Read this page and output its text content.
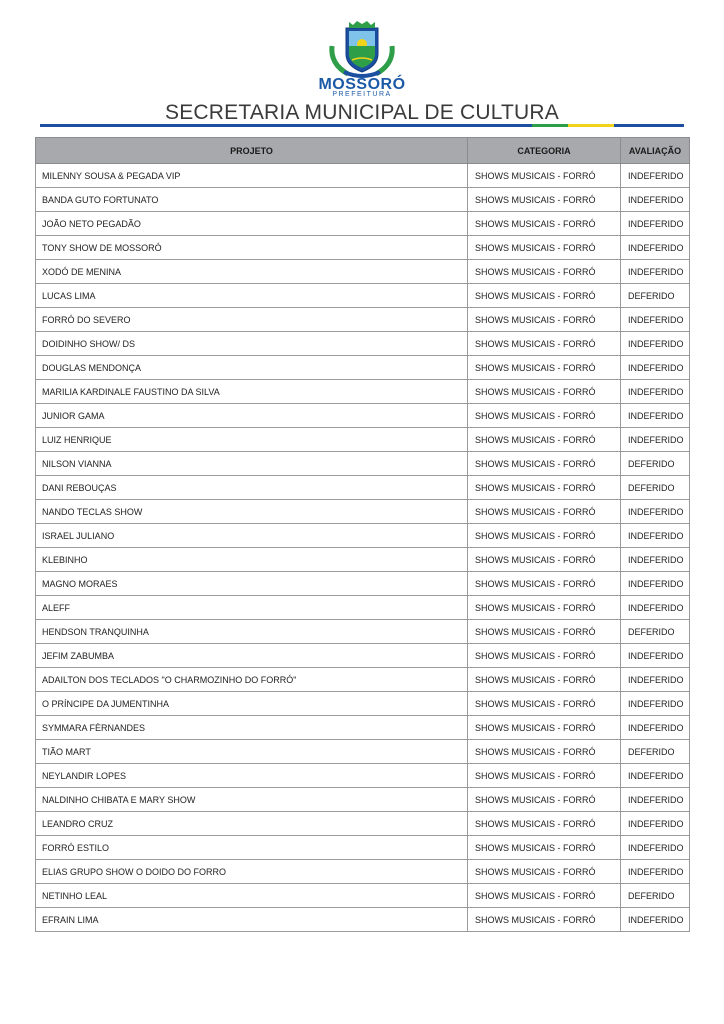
MOSSORÓ
PREFEITURA
SECRETARIA MUNICIPAL DE CULTURA
PROJETO	CATEGORIA	AVALIAÇÃO
MILENNY SOUSA & PEGADA VIP	SHOWS MUSICAIS - FORRÓ	INDEFERIDO
BANDA GUTO FORTUNATO	SHOWS MUSICAIS - FORRÓ	INDEFERIDO
JOÃO NETO PEGADÃO	SHOWS MUSICAIS - FORRÓ	INDEFERIDO
TONY SHOW DE MOSSORÓ	SHOWS MUSICAIS - FORRÓ	INDEFERIDO
XODÓ DE MENINA	SHOWS MUSICAIS - FORRÓ	INDEFERIDO
LUCAS LIMA	SHOWS MUSICAIS - FORRÓ	DEFERIDO
FORRÓ DO SEVERO	SHOWS MUSICAIS - FORRÓ	INDEFERIDO
DOIDINHO SHOW/ DS	SHOWS MUSICAIS - FORRÓ	INDEFERIDO
DOUGLAS MENDONÇA	SHOWS MUSICAIS - FORRÓ	INDEFERIDO
MARILIA KARDINALE FAUSTINO DA SILVA	SHOWS MUSICAIS - FORRÓ	INDEFERIDO
JUNIOR GAMA	SHOWS MUSICAIS - FORRÓ	INDEFERIDO
LUIZ HENRIQUE	SHOWS MUSICAIS - FORRÓ	INDEFERIDO
NILSON VIANNA	SHOWS MUSICAIS - FORRÓ	DEFERIDO
DANI REBOUÇAS	SHOWS MUSICAIS - FORRÓ	DEFERIDO
NANDO TECLAS SHOW	SHOWS MUSICAIS - FORRÓ	INDEFERIDO
ISRAEL JULIANO	SHOWS MUSICAIS - FORRÓ	INDEFERIDO
KLEBINHO	SHOWS MUSICAIS - FORRÓ	INDEFERIDO
MAGNO MORAES	SHOWS MUSICAIS - FORRÓ	INDEFERIDO
ALEFF	SHOWS MUSICAIS - FORRÓ	INDEFERIDO
HENDSON TRANQUINHA	SHOWS MUSICAIS - FORRÓ	DEFERIDO
JEFIM ZABUMBA	SHOWS MUSICAIS - FORRÓ	INDEFERIDO
ADAILTON DOS TECLADOS "O CHARMOZINHO DO FORRÓ"	SHOWS MUSICAIS - FORRÓ	INDEFERIDO
O PRÍNCIPE DA JUMENTINHA	SHOWS MUSICAIS - FORRÓ	INDEFERIDO
SYMMARA FÈRNANDES	SHOWS MUSICAIS - FORRÓ	INDEFERIDO
TIÃO MART	SHOWS MUSICAIS - FORRÓ	DEFERIDO
NEYLANDIR LOPES	SHOWS MUSICAIS - FORRÓ	INDEFERIDO
NALDINHO CHIBATA E MARY SHOW	SHOWS MUSICAIS - FORRÓ	INDEFERIDO
LEANDRO CRUZ	SHOWS MUSICAIS - FORRÓ	INDEFERIDO
FORRÓ ESTILO	SHOWS MUSICAIS - FORRÓ	INDEFERIDO
ELIAS GRUPO SHOW O DOIDO DO FORRO	SHOWS MUSICAIS - FORRÓ	INDEFERIDO
NETINHO LEAL	SHOWS MUSICAIS - FORRÓ	DEFERIDO
EFRAIN LIMA	SHOWS MUSICAIS - FORRÓ	INDEFERIDO
